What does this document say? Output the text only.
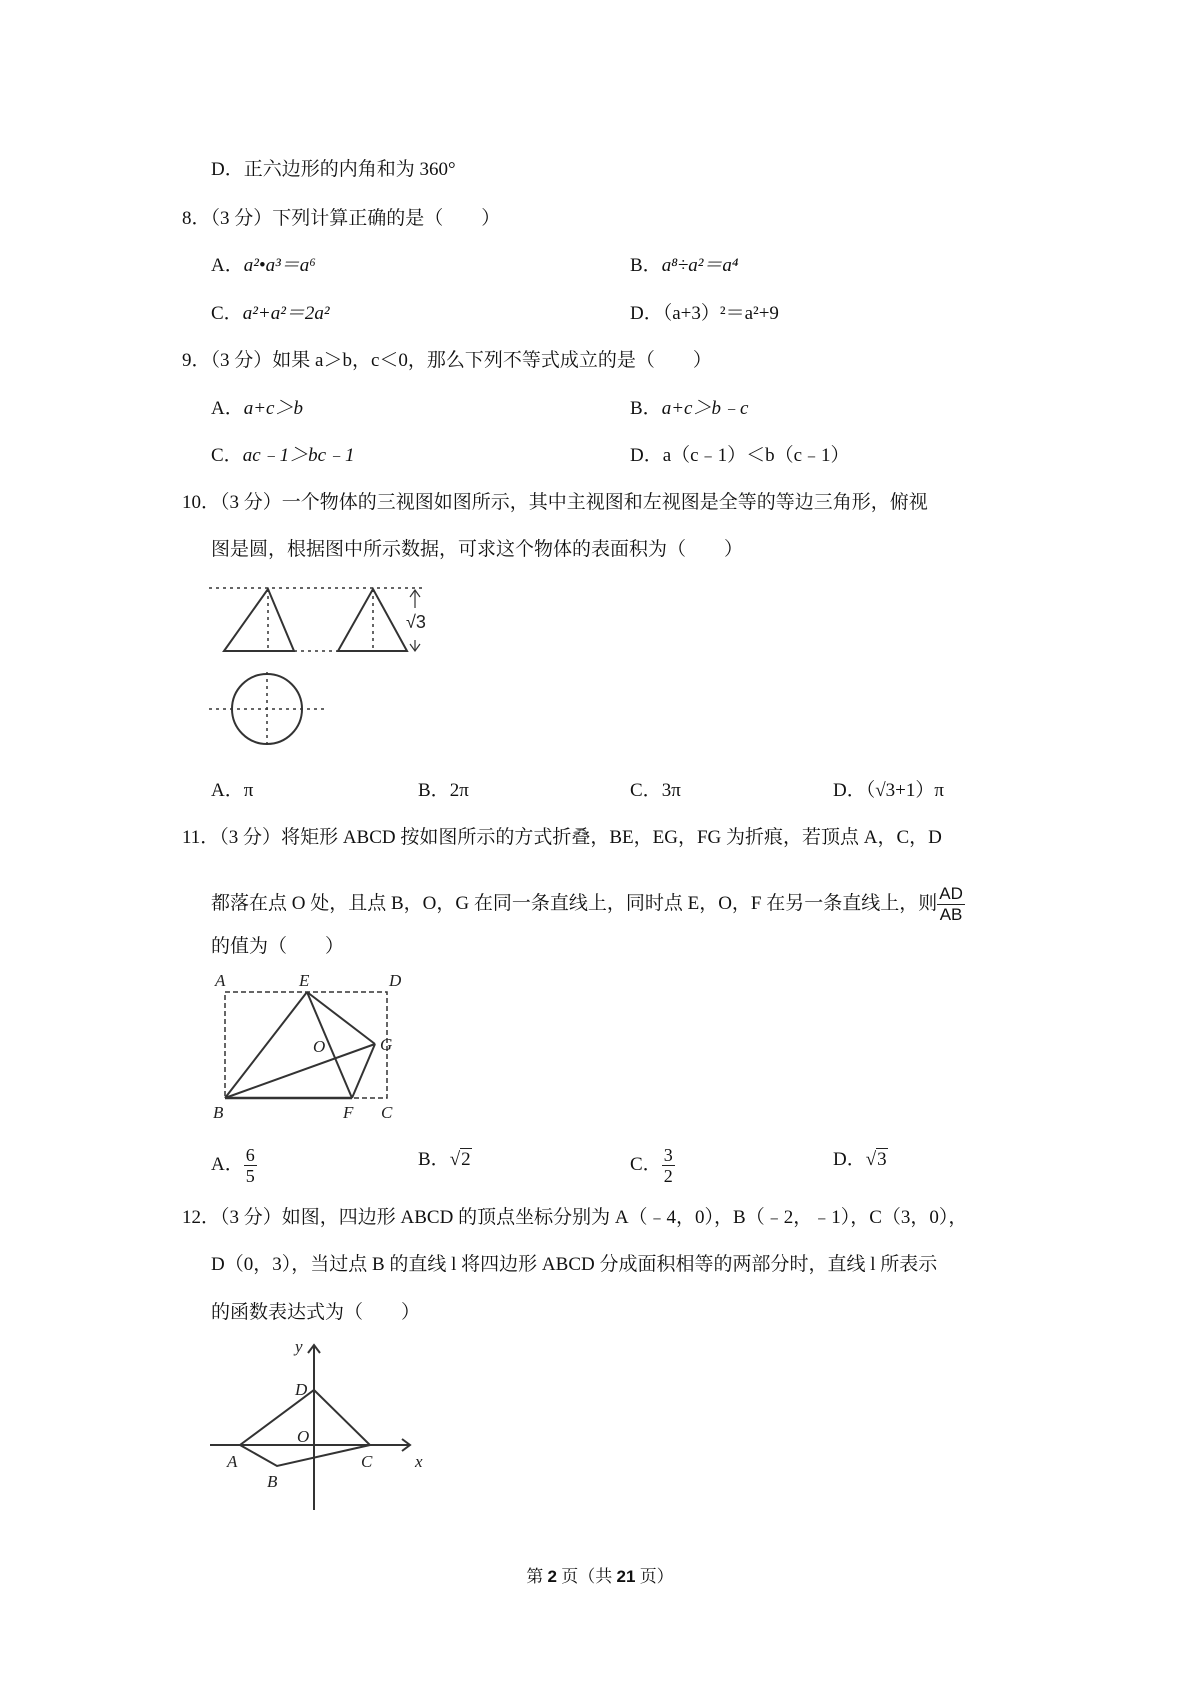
D．正六边形的内角和为 360°
8．（3 分）下列计算正确的是（　　）
A．a²•a³＝a⁶	B．a⁸÷a²＝a⁴
C．a²+a²＝2a²	D．（a+3）²＝a²+9
9．（3 分）如果 a＞b，c＜0，那么下列不等式成立的是（　　）
A．a+c＞b	B．a+c＞b﹣c
C．ac﹣1＞bc﹣1	D．a（c﹣1）＜b（c﹣1）
10．（3 分）一个物体的三视图如图所示，其中主视图和左视图是全等的等边三角形，俯视
图是圆，根据图中所示数据，可求这个物体的表面积为（　　）
√3
A．π	B．2π	C．3π	D．（√3+1）π
11．（3 分）将矩形 ABCD 按如图所示的方式折叠，BE，EG，FG 为折痕，若顶点 A，C，D
都落在点 O 处，且点 B，O，G 在同一条直线上，同时点 E，O，F 在另一条直线上，则 $\frac{AD}{AB}$
的值为（　　）
A	E	D
O	G
B	F C
A． $\frac{6}{5}$	B．√2	C． $\frac{3}{2}$	D．√3
12．（3 分）如图，四边形 ABCD 的顶点坐标分别为 A（﹣4，0），B（﹣2，﹣1），C（3，0），
D（0，3），当过点 B 的直线 l 将四边形 ABCD 分成面积相等的两部分时，直线 l 所表示
的函数表达式为（　　）
y
x
D
O
A
B
C
第 2 页（共 21 页）
